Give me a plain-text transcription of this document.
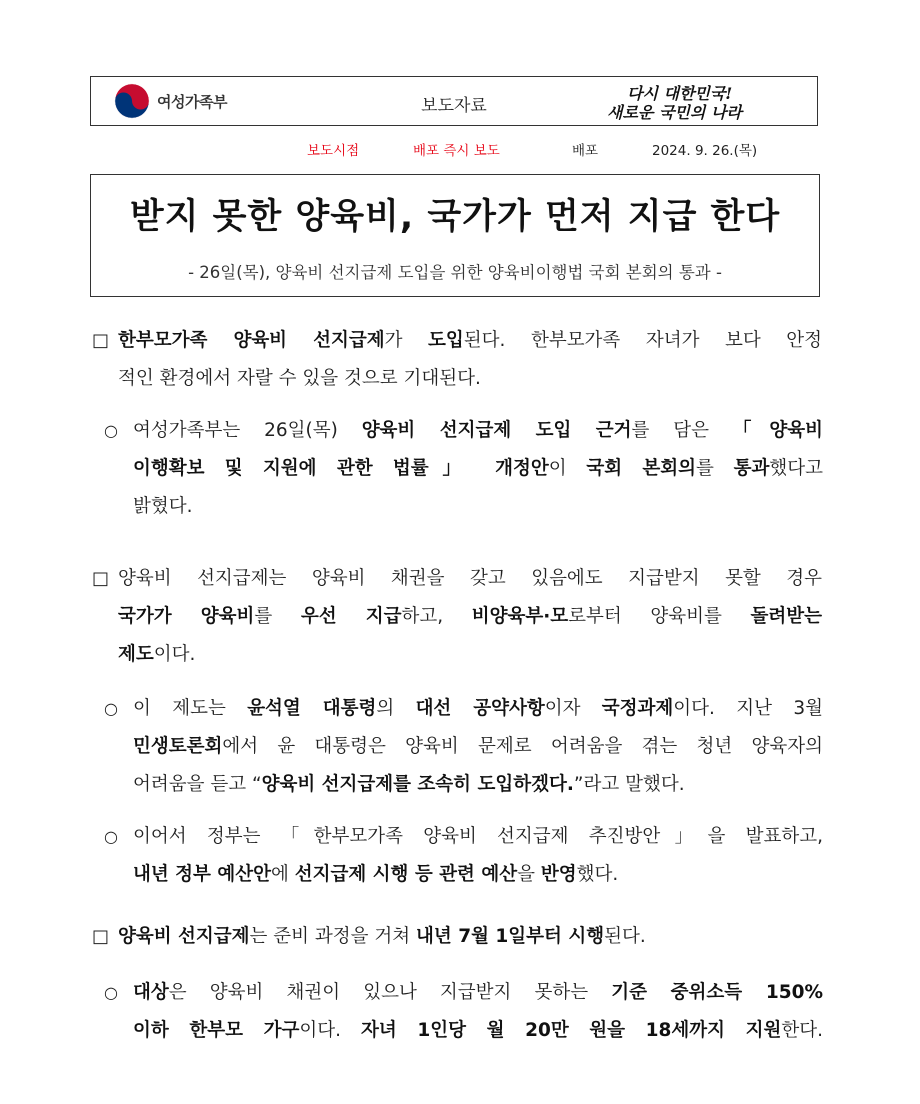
여성가족부	보도자료
다시 대한민국!
새로운 국민의 나라
보도시점	배포 즉시 보도	배포	2024. 9. 26.(목)
받지 못한 양육비, 국가가 먼저 지급 한다
- 26일(목), 양육비 선지급제 도입을 위한 양육비이행법 국회 본회의 통과 -
□ 한부모가족 양육비 선지급제가 도입된다. 한부모가족 자녀가 보다 안정
적인 환경에서 자랄 수 있을 것으로 기대된다.
○ 여성가족부는 26일(목) 양육비 선지급제 도입 근거를 담은 「양육비
이행확보 및 지원에 관한 법률」 개정안이 국회 본회의를 통과했다고
밝혔다.
□ 양육비 선지급제는 양육비 채권을 갖고 있음에도 지급받지 못할 경우
국가가 양육비를 우선 지급하고, 비양육부·모로부터 양육비를 돌려받는
제도이다.
○ 이 제도는 윤석열 대통령의 대선 공약사항이자 국정과제이다. 지난 3월
민생토론회에서 윤 대통령은 양육비 문제로 어려움을 겪는 청년 양육자의
어려움을 듣고 “양육비 선지급제를 조속히 도입하겠다.”라고 말했다.
○ 이어서 정부는 「한부모가족 양육비 선지급제 추진방안」을 발표하고,
내년 정부 예산안에 선지급제 시행 등 관련 예산을 반영했다.
□ 양육비 선지급제는 준비 과정을 거쳐 내년 7월 1일부터 시행된다.
○ 대상은 양육비 채권이 있으나 지급받지 못하는 기준 중위소득 150%
이하 한부모 가구이다. 자녀 1인당 월 20만 원을 18세까지 지원한다.
